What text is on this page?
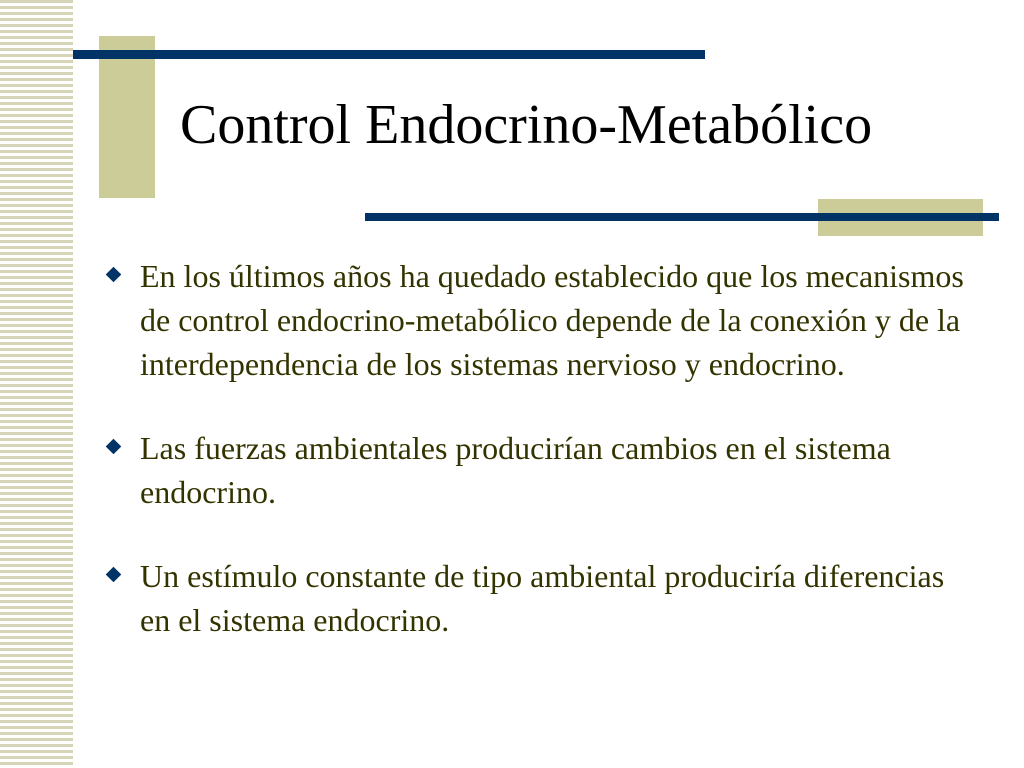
Control Endocrino-Metabólico
En los últimos años ha quedado establecido que los mecanismos de control endocrino-metabólico depende de la conexión y de la interdependencia de los sistemas nervioso y endocrino.
Las fuerzas ambientales producirían cambios en el sistema endocrino.
Un estímulo constante de tipo ambiental produciría diferencias en el sistema endocrino.
